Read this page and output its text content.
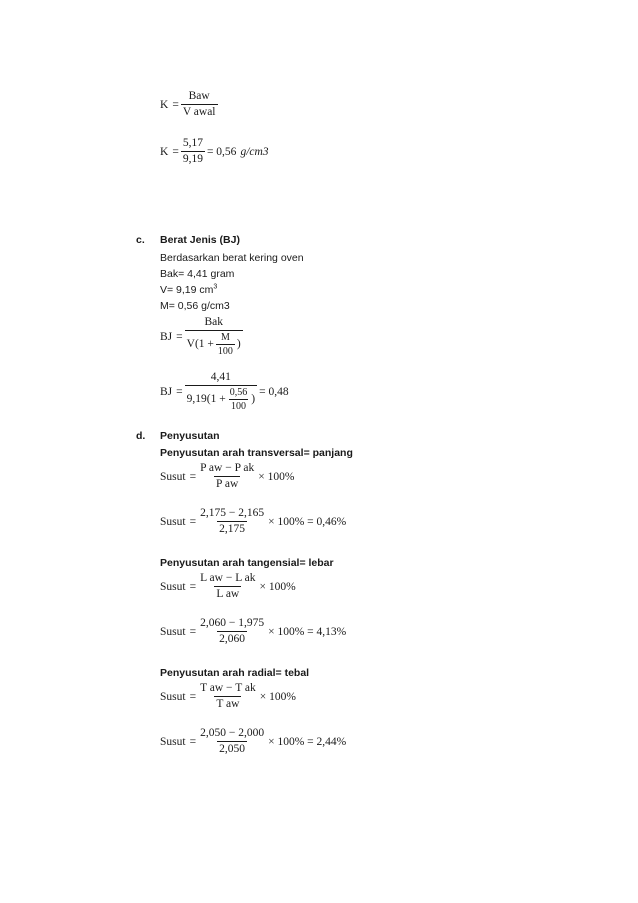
$K = \frac{\text{Baw}}{\text{V awal}}$
$K = \frac{5,17}{9,19} = 0,56$ g/cm3
c. Berat Jenis (BJ)
Berdasarkan berat kering oven
Bak= 4,41 gram
V= 9,19 $cm^3$
M= 0,56 g/cm3
BJ = $\frac{\text{Bak}}{V(1 + \frac{M}{100} )}$
BJ = $\frac{4,41}{9,19(1 + \frac{0,56}{100} )} = 0,48$
d. Penyusutan
Penyusutan arah transversal= panjang
Susut = $\frac{\text{P aw − P ak}}{\text{P aw}} \times 100\%$
Susut = $\frac{2,175 - 2,165}{2,175} \times 100\% = 0,46\%$
Penyusutan arah tangensial= lebar
Susut = $\frac{\text{L aw − L ak}}{\text{L aw}} \times 100\%$
Susut = $\frac{2,060 - 1,975}{2,060} \times 100\% = 4,13\%$
Penyusutan arah radial= tebal
Susut = $\frac{\text{T aw − T ak}}{\text{T aw}} \times 100\%$
Susut = $\frac{2,050 - 2,000}{2,050} \times 100\% = 2,44\%$
